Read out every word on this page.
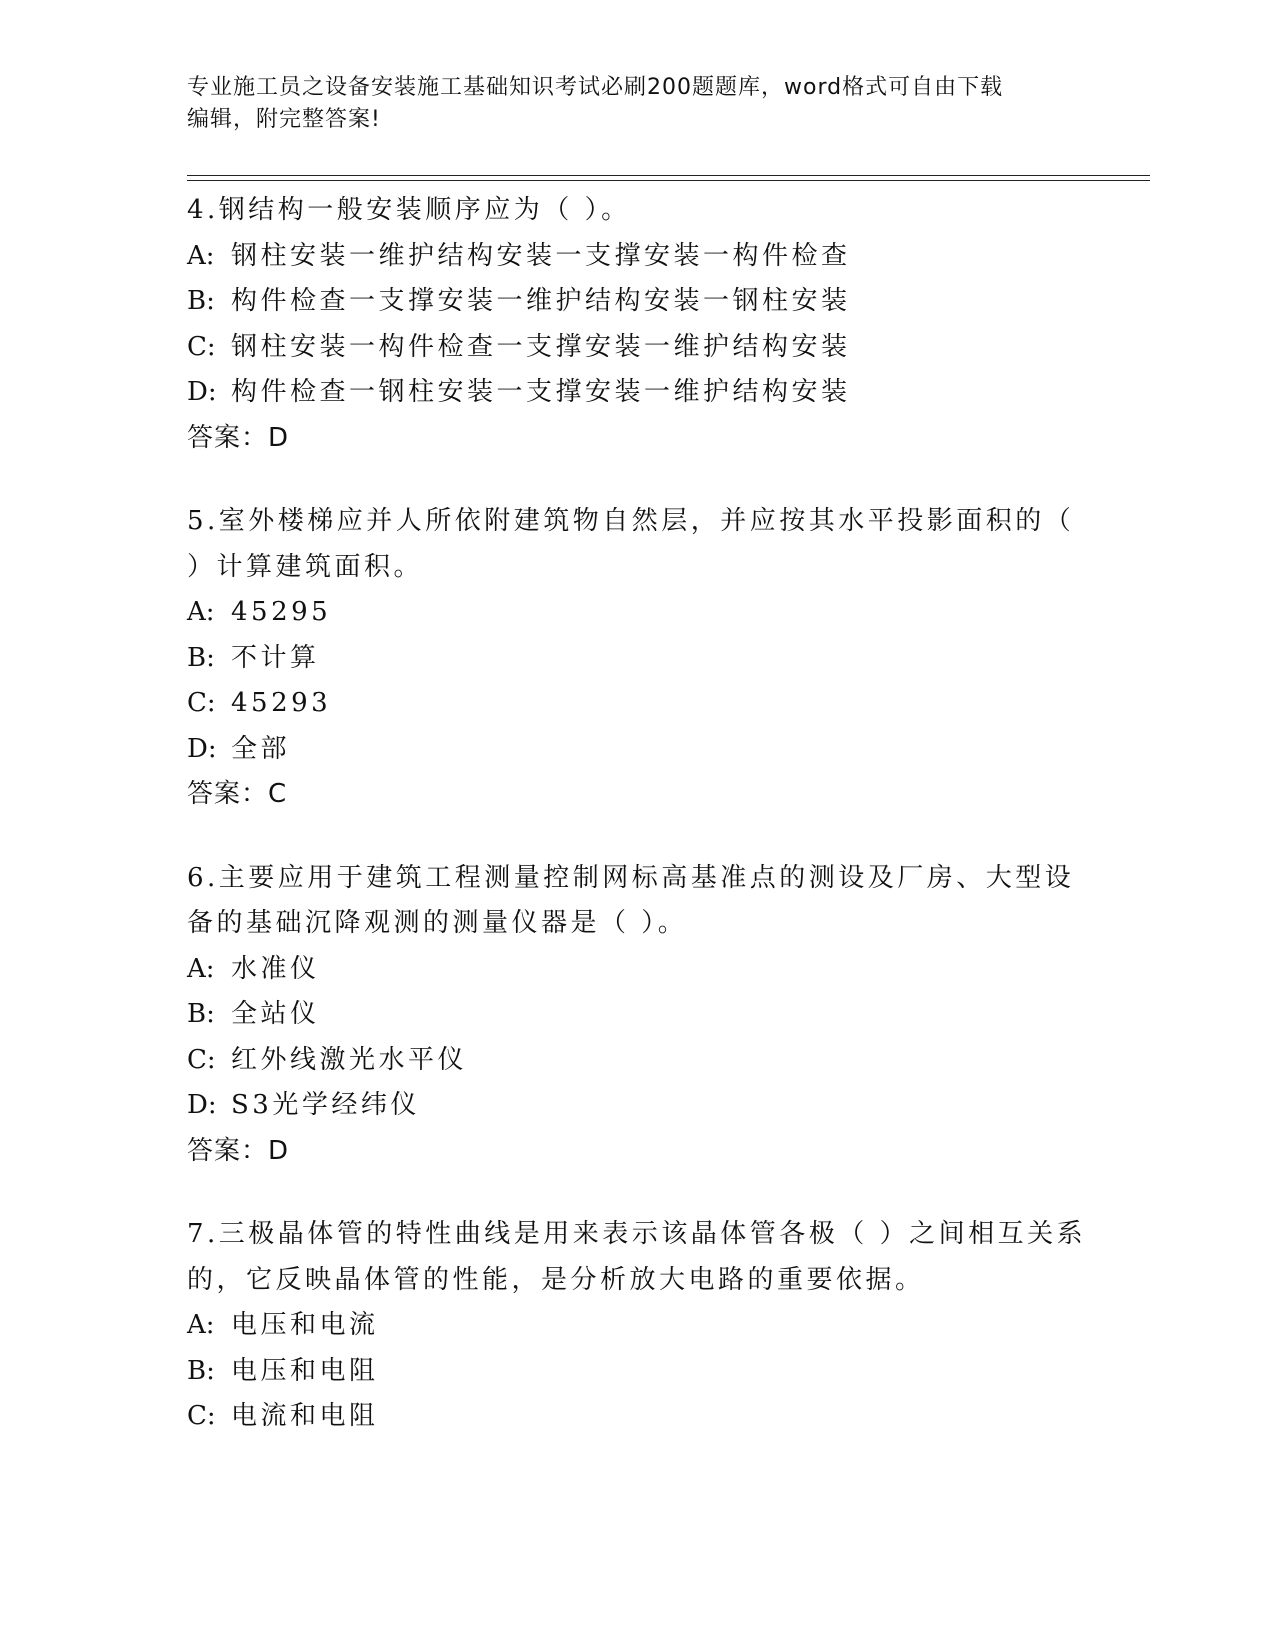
专业施工员之设备安装施工基础知识考试必刷200题题库，word格式可自由下载
编辑，附完整答案!
4.钢结构一般安装顺序应为（ ）。
A: 钢柱安装一维护结构安装一支撑安装一构件检查
B: 构件检查一支撑安装一维护结构安装一钢柱安装
C: 钢柱安装一构件检查一支撑安装一维护结构安装
D: 构件检查一钢柱安装一支撑安装一维护结构安装
答案：D
5.室外楼梯应并人所依附建筑物自然层，并应按其水平投影面积的（
）计算建筑面积。
A: 45295
B: 不计算
C: 45293
D: 全部
答案：C
6.主要应用于建筑工程测量控制网标高基准点的测设及厂房、大型设
备的基础沉降观测的测量仪器是（ ）。
A: 水准仪
B: 全站仪
C: 红外线激光水平仪
D: S3光学经纬仪
答案：D
7.三极晶体管的特性曲线是用来表示该晶体管各极（ ）之间相互关系
的，它反映晶体管的性能，是分析放大电路的重要依据。
A: 电压和电流
B: 电压和电阻
C: 电流和电阻
